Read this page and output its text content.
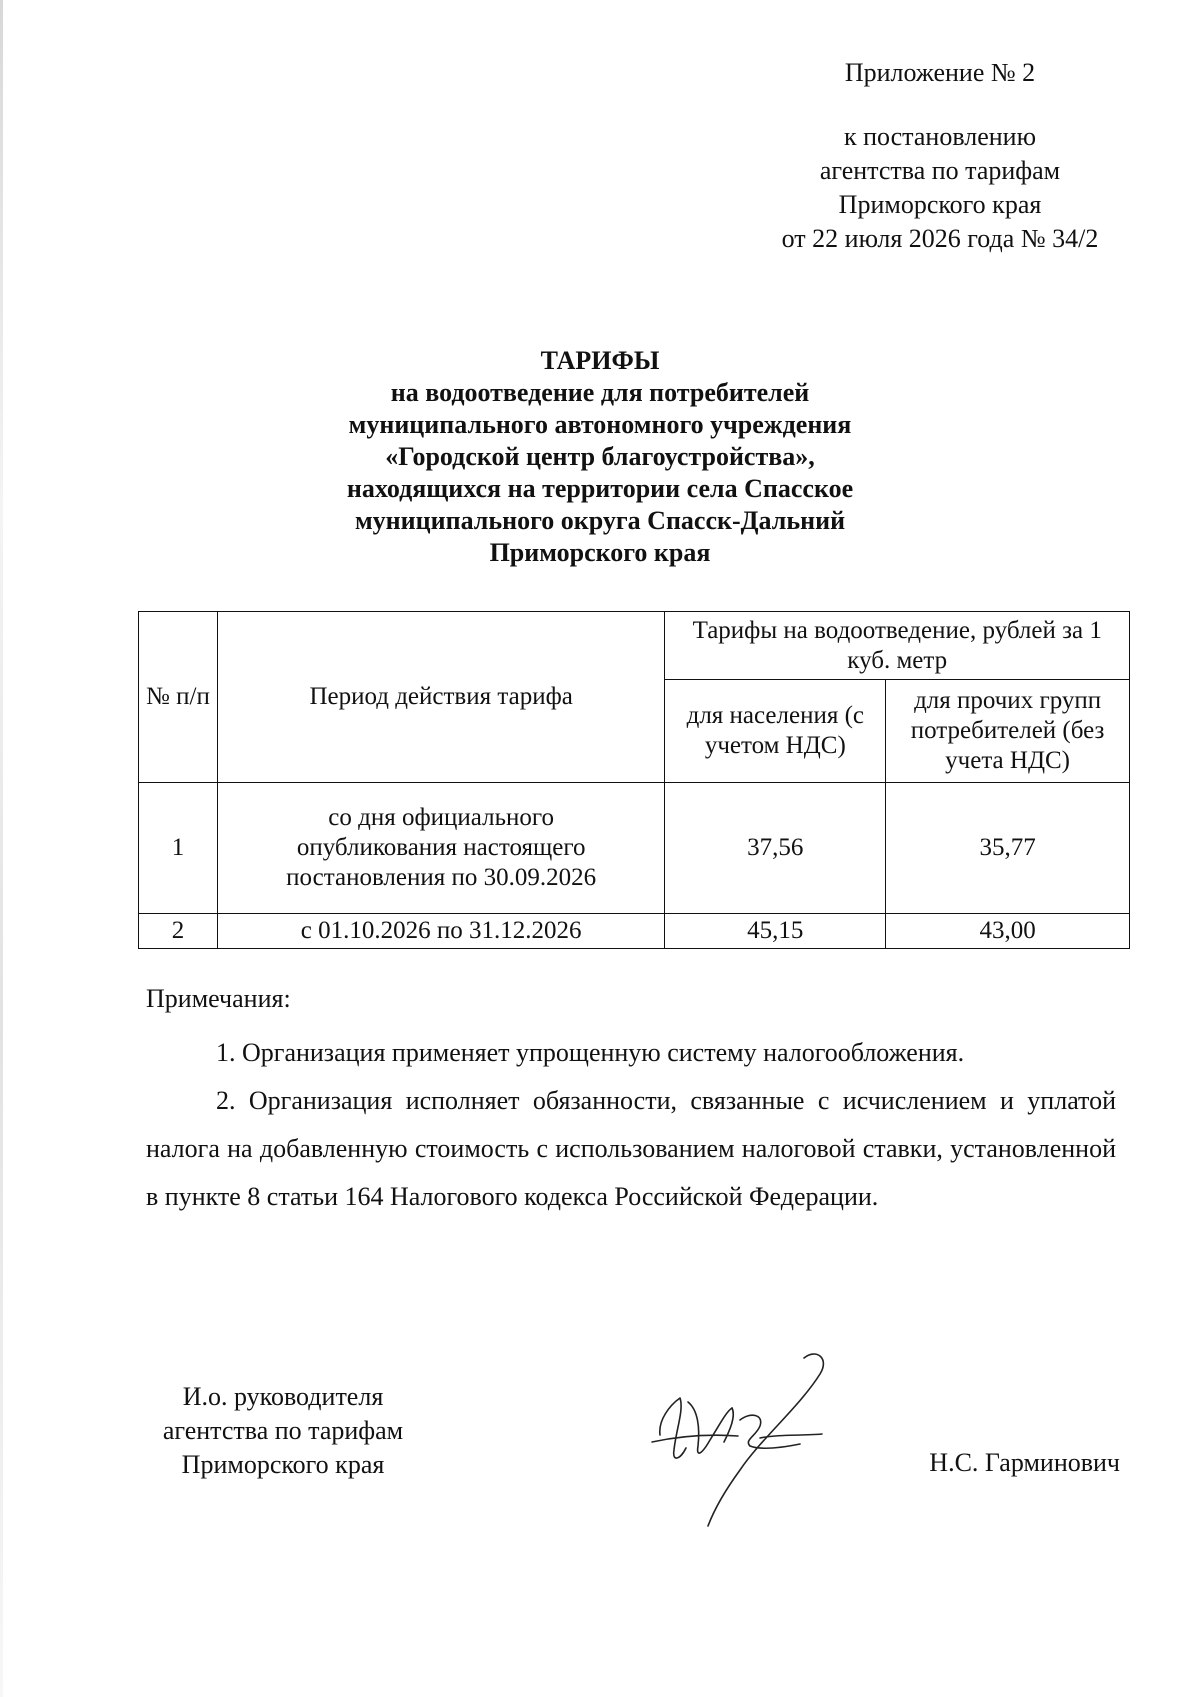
Приложение № 2
к постановлению
агентства по тарифам
Приморского края
от 22 июля 2026 года № 34/2
ТАРИФЫ
на водоотведение для потребителей
муниципального автономного учреждения
«Городской центр благоустройства»,
находящихся на территории села Спасское
муниципального округа Спасск-Дальний
Приморского края
№ п/п	Период действия тарифа	Тарифы на водоотведение, рублей за 1 куб. метр	
		для населения (с учетом НДС)	для прочих групп потребителей (без учета НДС)
1	со дня официального опубликования настоящего постановления по 30.09.2026	37,56	35,77
2	с 01.10.2026 по 31.12.2026	45,15	43,00

Примечания:

1. Организация применяет упрощенную систему налогообложения.

2. Организация исполняет обязанности, связанные с исчислением и уплатой налога на добавленную стоимость с использованием налоговой ставки, установленной в пункте 8 статьи 164 Налогового кодекса Российской Федерации.

И.о. руководителя
агентства по тарифам
Приморского края	Н.С. Гарминович
